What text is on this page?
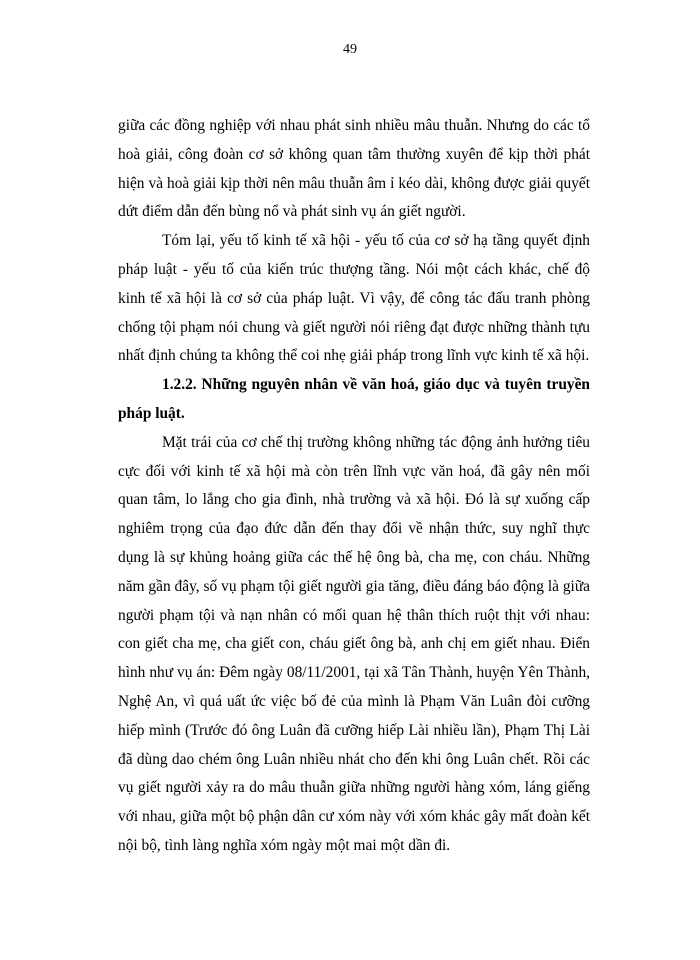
49

giữa các đồng nghiệp với nhau phát sinh nhiều mâu thuẫn. Nhưng do các tổ hoà giải, công đoàn cơ sở không quan tâm thường xuyên để kịp thời phát hiện và hoà giải kịp thời nên mâu thuẫn âm ỉ kéo dài, không được giải quyết dứt điểm dẫn đến bùng nổ và phát sinh vụ án giết người.

Tóm lại, yếu tố kinh tế xã hội - yếu tố của cơ sở hạ tầng quyết định pháp luật - yếu tố của kiến trúc thượng tầng. Nói một cách khác, chế độ kinh tế xã hội là cơ sở của pháp luật. Vì vậy, để công tác đấu tranh phòng chống tội phạm nói chung và giết người nói riêng đạt được những thành tựu nhất định chúng ta không thể coi nhẹ giải pháp trong lĩnh vực kinh tế xã hội.

1.2.2. Những nguyên nhân về văn hoá, giáo dục và tuyên truyền pháp luật.

Mặt trái của cơ chế thị trường không những tác động ảnh hưởng tiêu cực đối với kinh tế xã hội mà còn trên lĩnh vực văn hoá, đã gây nên mối quan tâm, lo lắng cho gia đình, nhà trường và xã hội. Đó là sự xuống cấp nghiêm trọng của đạo đức dẫn đến thay đổi về nhận thức, suy nghĩ thực dụng là sự khủng hoảng giữa các thế hệ ông bà, cha mẹ, con cháu. Những năm gần đây, số vụ phạm tội giết người gia tăng, điều đáng báo động là giữa người phạm tội và nạn nhân có mối quan hệ thân thích ruột thịt với nhau: con giết cha mẹ, cha giết con, cháu giết ông bà, anh chị em giết nhau. Điển hình như vụ án: Đêm ngày 08/11/2001, tại xã Tân Thành, huyện Yên Thành, Nghệ An, vì quá uất ức việc bố đẻ của mình là Phạm Văn Luân đòi cưỡng hiếp mình (Trước đó ông Luân đã cưỡng hiếp Lài nhiều lần), Phạm Thị Lài đã dùng dao chém ông Luân nhiều nhát cho đến khi ông Luân chết. Rồi các vụ giết người xảy ra do mâu thuẫn giữa những người hàng xóm, láng giếng với nhau, giữa một bộ phận dân cư xóm này với xóm khác gây mất đoàn kết nội bộ, tình làng nghĩa xóm ngày một mai một dần đi.
